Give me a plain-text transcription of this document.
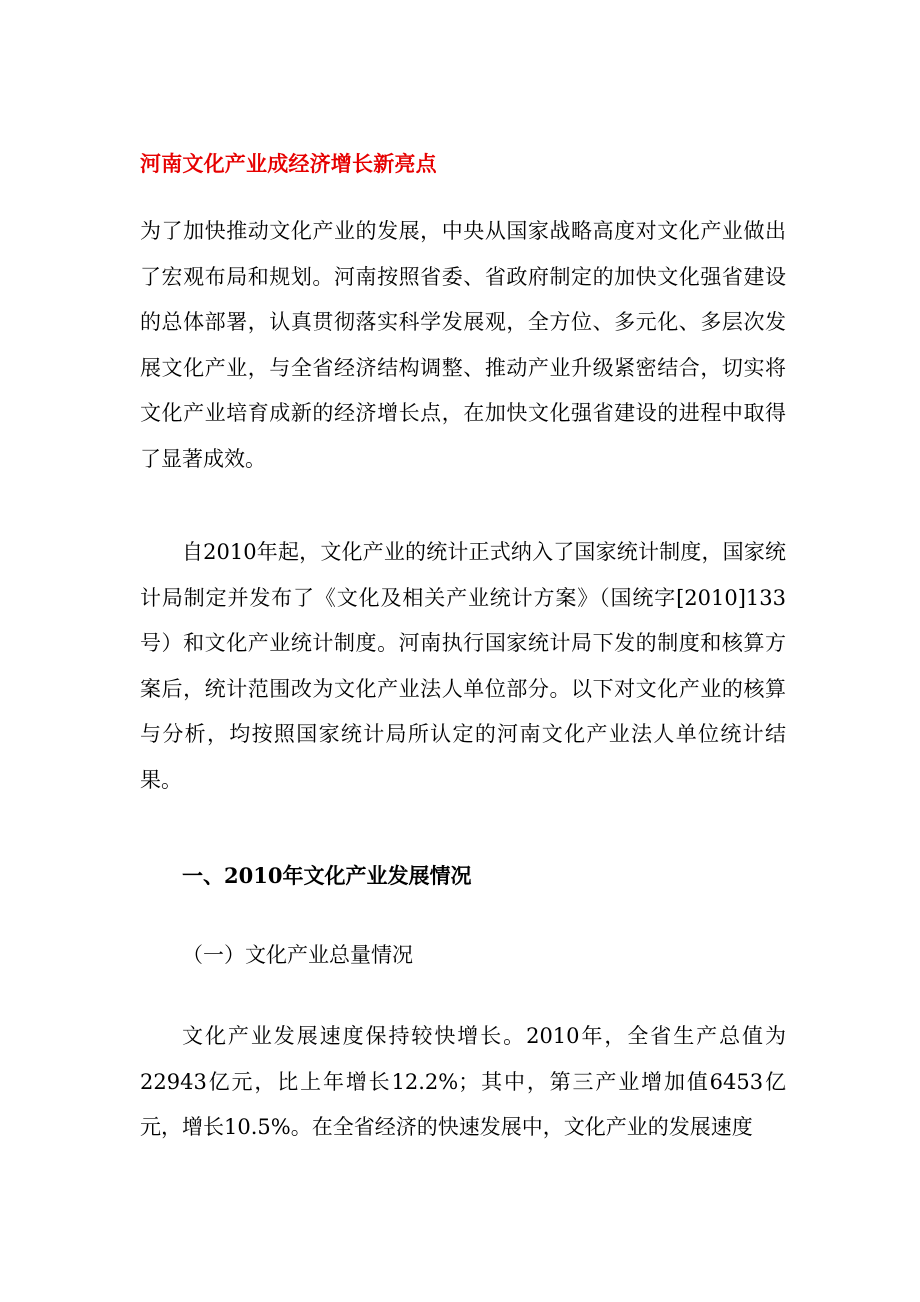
河南文化产业成经济增长新亮点

为了加快推动文化产业的发展，中央从国家战略高度对文化产业做出了宏观布局和规划。河南按照省委、省政府制定的加快文化强省建设的总体部署，认真贯彻落实科学发展观，全方位、多元化、多层次发展文化产业，与全省经济结构调整、推动产业升级紧密结合，切实将文化产业培育成新的经济增长点，在加快文化强省建设的进程中取得了显著成效。

自2010年起，文化产业的统计正式纳入了国家统计制度，国家统计局制定并发布了《文化及相关产业统计方案》（国统字[2010]133号）和文化产业统计制度。河南执行国家统计局下发的制度和核算方案后，统计范围改为文化产业法人单位部分。以下对文化产业的核算与分析，均按照国家统计局所认定的河南文化产业法人单位统计结果。

一、2010年文化产业发展情况
（一）文化产业总量情况

文化产业发展速度保持较快增长。2010年，全省生产总值为22943亿元，比上年增长12.2%；其中，第三产业增加值6453亿元，增长10.5%。在全省经济的快速发展中，文化产业的发展速度
